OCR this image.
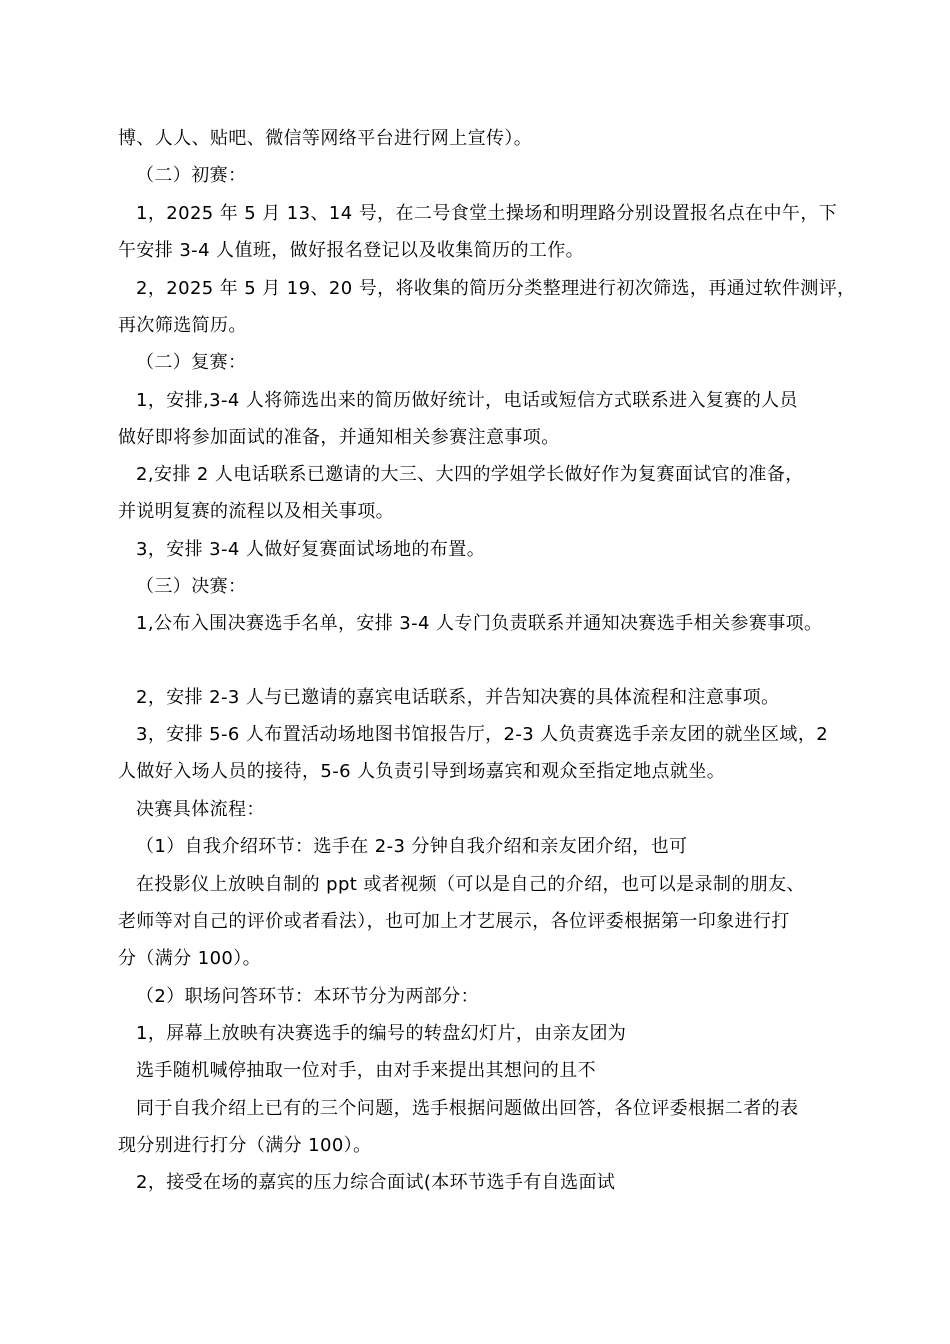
博、人人、贴吧、微信等网络平台进行网上宣传）。
（二）初赛：
1，2025 年 5 月 13、14 号，在二号食堂土操场和明理路分别设置报名点在中午，下
午安排 3-4 人值班，做好报名登记以及收集简历的工作。
2，2025 年 5 月 19、20 号，将收集的简历分类整理进行初次筛选，再通过软件测评，
再次筛选简历。
（二）复赛：
1，安排,3-4 人将筛选出来的简历做好统计，电话或短信方式联系进入复赛的人员
做好即将参加面试的准备，并通知相关参赛注意事项。
2,安排 2 人电话联系已邀请的大三、大四的学姐学长做好作为复赛面试官的准备，
并说明复赛的流程以及相关事项。
3，安排 3-4 人做好复赛面试场地的布置。
（三）决赛：
1,公布入围决赛选手名单，安排 3-4 人专门负责联系并通知决赛选手相关参赛事项。
2，安排 2-3 人与已邀请的嘉宾电话联系，并告知决赛的具体流程和注意事项。
3，安排 5-6 人布置活动场地图书馆报告厅，2-3 人负责赛选手亲友团的就坐区域，2
人做好入场人员的接待，5-6 人负责引导到场嘉宾和观众至指定地点就坐。
决赛具体流程：
（1）自我介绍环节：选手在 2-3 分钟自我介绍和亲友团介绍，也可
在投影仪上放映自制的 ppt 或者视频（可以是自己的介绍，也可以是录制的朋友、
老师等对自己的评价或者看法），也可加上才艺展示，各位评委根据第一印象进行打
分（满分 100）。
（2）职场问答环节：本环节分为两部分：
1，屏幕上放映有决赛选手的编号的转盘幻灯片，由亲友团为
选手随机喊停抽取一位对手，由对手来提出其想问的且不
同于自我介绍上已有的三个问题，选手根据问题做出回答，各位评委根据二者的表
现分别进行打分（满分 100）。
2，接受在场的嘉宾的压力综合面试(本环节选手有自选面试
